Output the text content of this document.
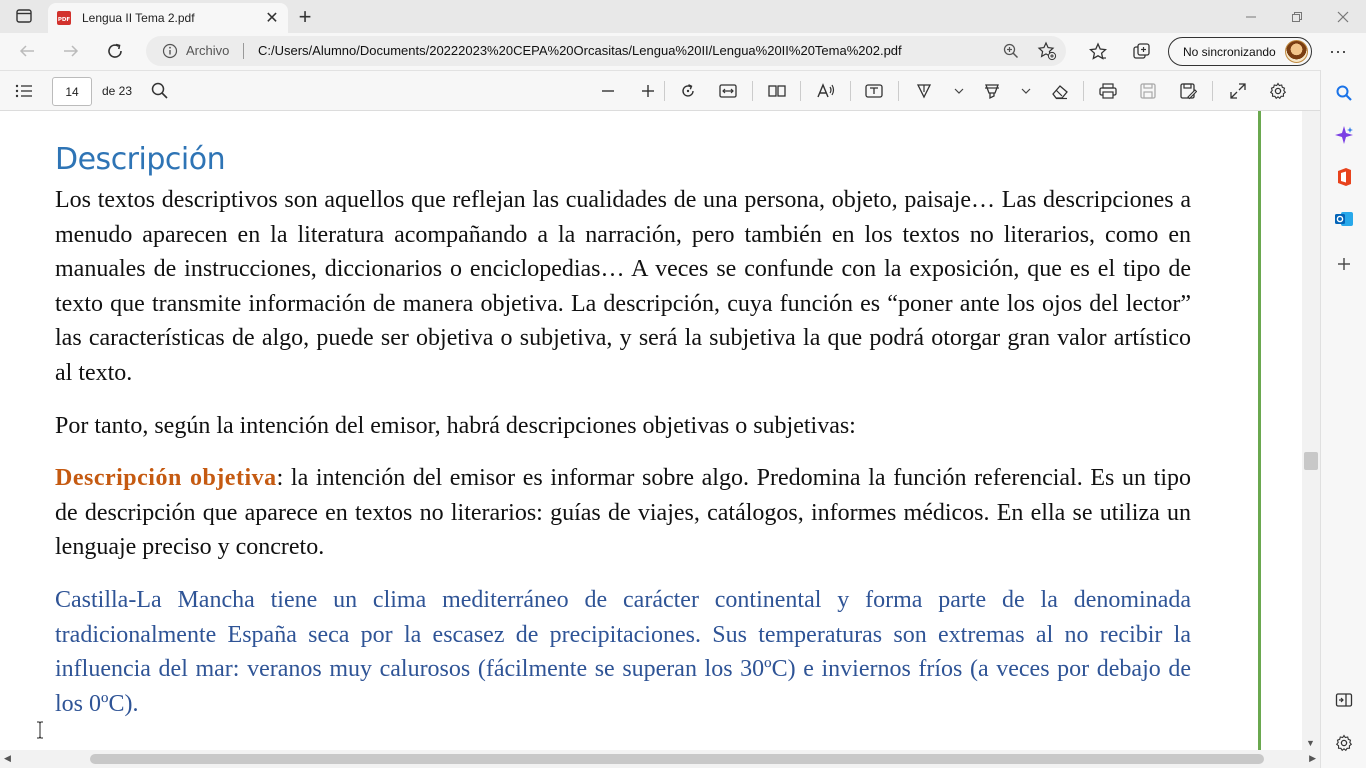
PDF Lengua II Tema 2.pdf	✕ +
Archivo C:/Users/Alumno/Documents/20222023%20CEPA%20Orcasitas/Lengua%20II/Lengua%20II%20Tema%202.pdf	No sincronizando	···
14	de 23
Descripción

Los textos descriptivos son aquellos que reflejan las cualidades de una persona, objeto, paisaje… Las descripciones a menudo aparecen en la literatura acompañando a la narración, pero también en los textos no literarios, como en manuales de instrucciones, diccionarios o enciclopedias… A veces se confunde con la exposición, que es el tipo de texto que transmite información de manera objetiva. La descripción, cuya función es “poner ante los ojos del lector” las características de algo, puede ser objetiva o subjetiva, y será la subjetiva la que podrá otorgar gran valor artístico al texto.

Por tanto, según la intención del emisor, habrá descripciones objetivas o subjetivas:

Descripción objetiva: la intención del emisor es informar sobre algo. Predomina la función referencial. Es un tipo de descripción que aparece en textos no literarios: guías de viajes, catálogos, informes médicos. En ella se utiliza un lenguaje preciso y concreto.

Castilla-La Mancha tiene un clima mediterráneo de carácter continental y forma parte de la denominada tradicionalmente España seca por la escasez de precipitaciones. Sus temperaturas son extremas al no recibir la influencia del mar: veranos muy calurosos (fácilmente se superan los 30ºC) e inviernos fríos (a veces por debajo de los 0ºC).

▼
◀	▶
